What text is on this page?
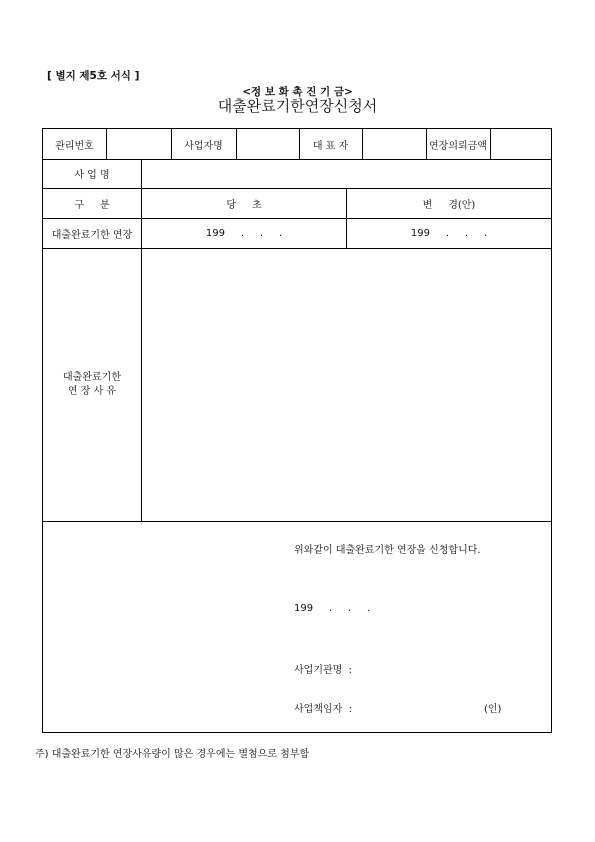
[ 별지 제5호 서식 ]
<정 보 화 촉 진 기 금>
대출완료기한연장신청서
관리번호	사업자명	대 표 자	연장의뢰금액
사 업 명
구     분	당     초	변     경(안)
대출완료기한 연장	199     .     .     .	199     .     .     .
대출완료기한
연 장 사 유
위와같이 대출완료기한 연장을 신청합니다.
199     .     .     .
사업기관명  :
사업책임자  :	(인)
주) 대출완료기한 연장사유량이 많은 경우에는 별첨으로 첨부함
